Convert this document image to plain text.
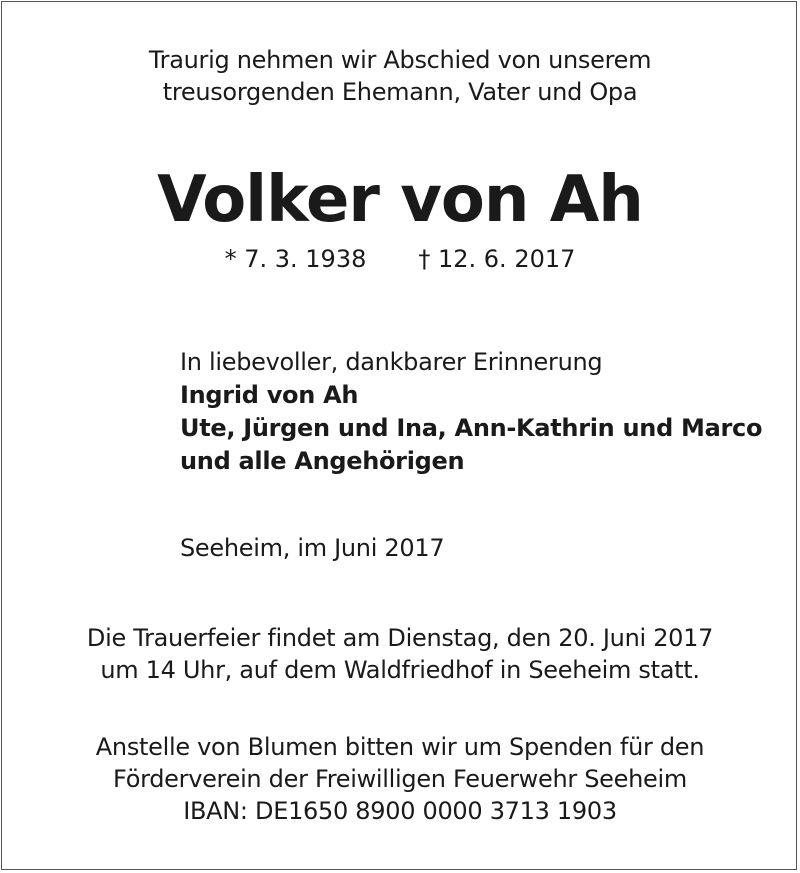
Traurig nehmen wir Abschied von unserem
treusorgenden Ehemann, Vater und Opa
Volker von Ah
* 7. 3. 1938 † 12. 6. 2017
In liebevoller, dankbarer Erinnerung
Ingrid von Ah
Ute, Jürgen und Ina, Ann-Kathrin und Marco
und alle Angehörigen
Seeheim, im Juni 2017
Die Trauerfeier findet am Dienstag, den 20. Juni 2017
um 14 Uhr, auf dem Waldfriedhof in Seeheim statt.
Anstelle von Blumen bitten wir um Spenden für den
Förderverein der Freiwilligen Feuerwehr Seeheim
IBAN: DE1650 8900 0000 3713 1903
